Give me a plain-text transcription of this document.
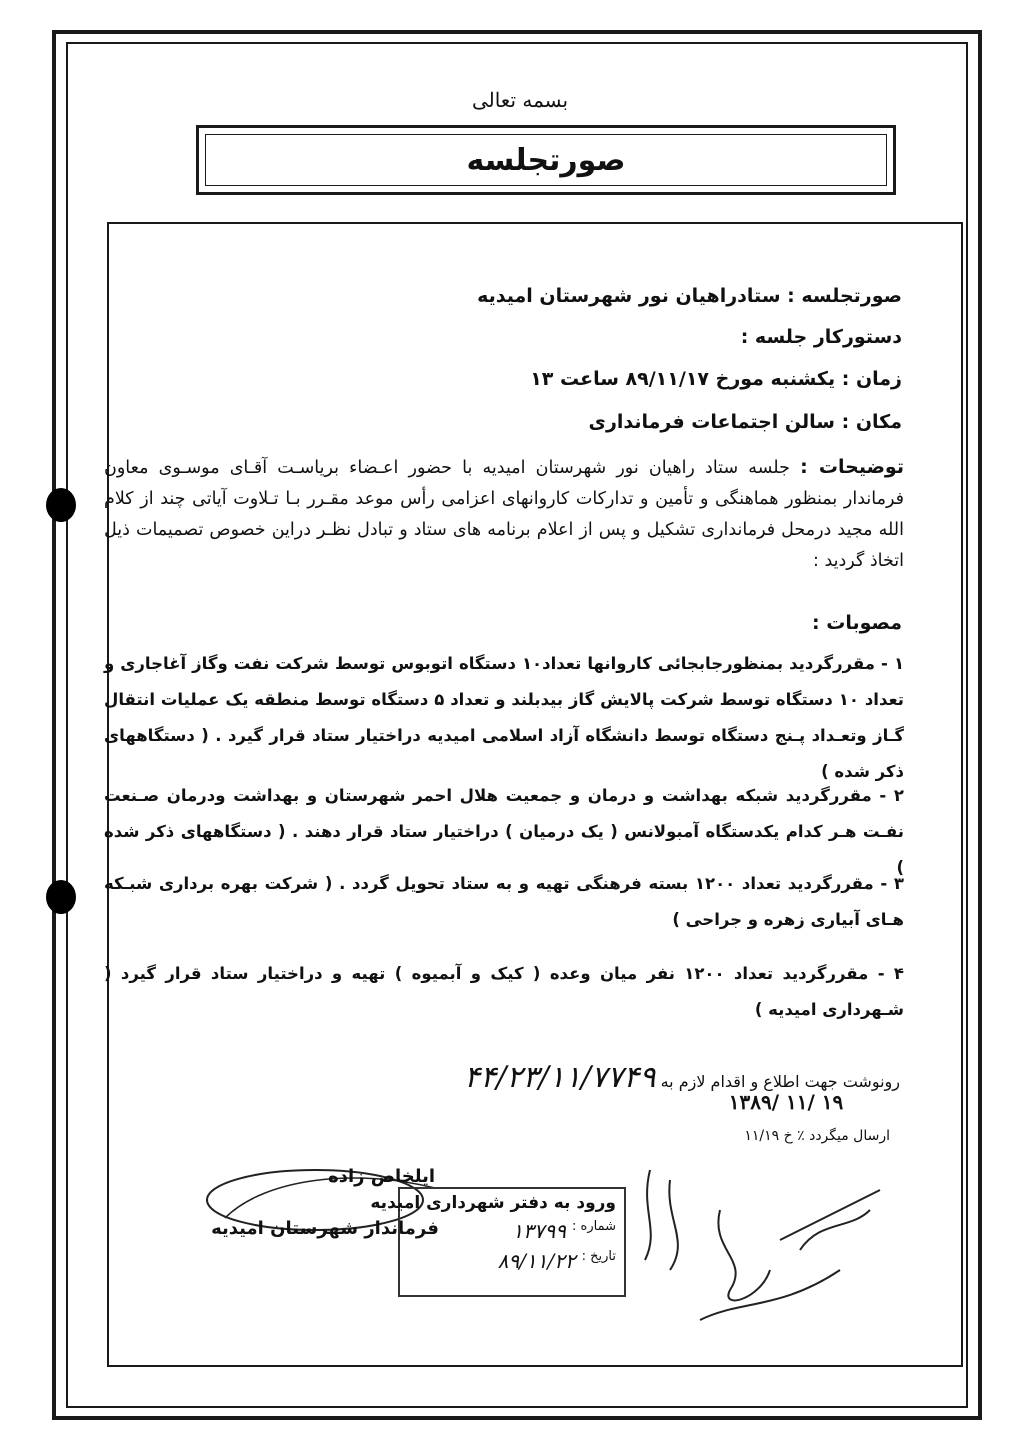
بسمه تعالی
صورتجلسه
صورتجلسه : ستادراهیان نور شهرستان امیدیه
دستورکار جلسه :
زمان : یکشنبه مورخ ۸۹/۱۱/۱۷ ساعت ۱۳
مکان : سالن اجتماعات فرمانداری
توضیحات : جلسه ستاد راهیان نور شهرستان امیدیه با حضور اعـضاء بریاسـت آقـای موسـوی معاون فرماندار بمنظور هماهنگی و تأمین و تدارکات کاروانهای اعزامی رأس موعد مقـرر بـا تـلاوت آیاتی چند از کلام الله مجید درمحل فرمانداری تشکیل و پس از اعلام برنامه های ستاد و تبادل نظـر دراین خصوص تصمیمات ذیل اتخاذ گردید :
مصوبات :
۱ - مقررگردید بمنظورجابجائی کاروانها تعداد۱۰ دستگاه اتوبوس توسط شرکت نفت وگاز آغاجاری و تعداد ۱۰ دستگاه توسط شرکت پالایش گاز بیدبلند و تعداد ۵ دستگاه توسط منطقه یک عملیات انتقال گـاز وتعـداد پـنج دستگاه توسط دانشگاه آزاد اسلامی امیدیه دراختیار ستاد قرار گیرد . ( دستگاههای ذکر شده )
۲ - مقررگردید شبکه بهداشت و درمان و جمعیت هلال احمر شهرستان و بهداشت ودرمان صـنعت نفـت هـر کدام یکدستگاه آمبولانس ( یک درمیان ) دراختیار ستاد قرار دهند . ( دستگاههای ذکر شده )
۳ - مقررگردید تعداد ۱۲۰۰ بسته فرهنگی تهیه و به ستاد تحویل گردد . ( شرکت بهره برداری شبـکه هـای آبیاری زهره و جراحی )
۴ - مقررگردید تعداد ۱۲۰۰ نفر میان وعده ( کیک و آبمیوه ) تهیه و دراختیار ستاد قرار گیرد ( شـهرداری امیدیه )
رونوشت جهت اطلاع و اقدام لازم به ۴۴/۲۳/۱۱/۷۷۴۹
۱۳۸۹/ ۱۱/ ۱۹
ارسال میگردد ٪ خ ۱۱/۱۹
ایلخاص زاده
فرماندار شهرستان امیدیه
ورود به دفتر شهرداری امیدیه
شماره :
۱۳۷۹۹
تاریخ :
۸۹/۱۱/۲۲
